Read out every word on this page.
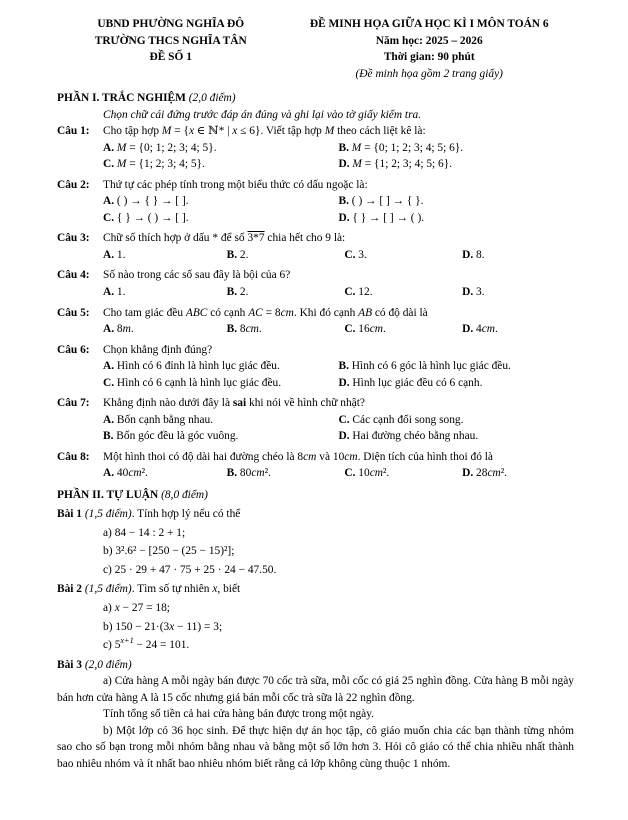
UBND PHƯỜNG NGHĨA ĐÔ
TRƯỜNG THCS NGHĨA TÂN
ĐỀ SỐ 1
ĐỀ MINH HỌA GIỮA HỌC KÌ I MÔN TOÁN 6
Năm học: 2025 – 2026
Thời gian: 90 phút
(Đề minh họa gồm 2 trang giấy)
PHẦN I. TRẮC NGHIỆM (2,0 điểm)
Chọn chữ cái đứng trước đáp án đúng và ghi lại vào tờ giấy kiểm tra.
Câu 1:	Cho tập hợp M = {x ∈ ℕ* | x ≤ 6}. Viết tập hợp M theo cách liệt kê là:
A. M = {0; 1; 2; 3; 4; 5}.	B. M = {0; 1; 2; 3; 4; 5; 6}.
C. M = {1; 2; 3; 4; 5}.	D. M = {1; 2; 3; 4; 5; 6}.
Câu 2:	Thứ tự các phép tính trong một biểu thức có dấu ngoặc là:
A. ( ) → { } → [ ].	B. ( ) → [ ] → { }.
C. { } → ( ) → [ ].	D. { } → [ ] → ( ).
Câu 3:	Chữ số thích hợp ở dấu * để số 3*7 chia hết cho 9 là:
A. 1.	B. 2.	C. 3.	D. 8.
Câu 4:	Số nào trong các số sau đây là bội của 6?
A. 1.	B. 2.	C. 12.	D. 3.
Câu 5:	Cho tam giác đều ABC có cạnh AC = 8cm. Khi đó cạnh AB có độ dài là
A. 8m.	B. 8cm.	C. 16cm.	D. 4cm.
Câu 6:	Chọn khẳng định đúng?
A. Hình có 6 đỉnh là hình lục giác đều.	B. Hình có 6 góc là hình lục giác đều.
C. Hình có 6 cạnh là hình lục giác đều.	D. Hình lục giác đều có 6 cạnh.
Câu 7:	Khẳng định nào dưới đây là sai khi nói về hình chữ nhật?
A. Bốn cạnh bằng nhau.	C. Các cạnh đối song song.
B. Bốn góc đều là góc vuông.	D. Hai đường chéo bằng nhau.
Câu 8:	Một hình thoi có độ dài hai đường chéo là 8cm và 10cm. Diện tích của hình thoi đó là
A. 40cm².	B. 80cm².	C. 10cm².	D. 28cm².
PHẦN II. TỰ LUẬN (8,0 điểm)
Bài 1 (1,5 điểm). Tính hợp lý nếu có thể
a) 84 − 14 : 2 + 1;
b) 3².6² − [250 − (25 − 15)²];
c) 25 · 29 + 47 · 75 + 25 · 24 − 47.50.
Bài 2 (1,5 điểm). Tìm số tự nhiên x, biết
a) x − 27 = 18;
b) 150 − 21·(3x − 11) = 3;
c) $5^{x+1} - 24 = 101$.
Bài 3 (2,0 điểm)
a) Cửa hàng A mỗi ngày bán được 70 cốc trà sữa, mỗi cốc có giá 25 nghìn đồng. Cửa hàng B mỗi ngày bán hơn cửa hàng A là 15 cốc nhưng giá bán mỗi cốc trà sữa là 22 nghìn đồng.
Tính tổng số tiền cả hai cửa hàng bán được trong một ngày.
b) Một lớp có 36 học sinh. Để thực hiện dự án học tập, cô giáo muốn chia các bạn thành từng nhóm sao cho số bạn trong mỗi nhóm bằng nhau và bằng một số lớn hơn 3. Hỏi cô giáo có thể chia nhiều nhất thành bao nhiêu nhóm và ít nhất bao nhiêu nhóm biết rằng cả lớp không cùng thuộc 1 nhóm.
